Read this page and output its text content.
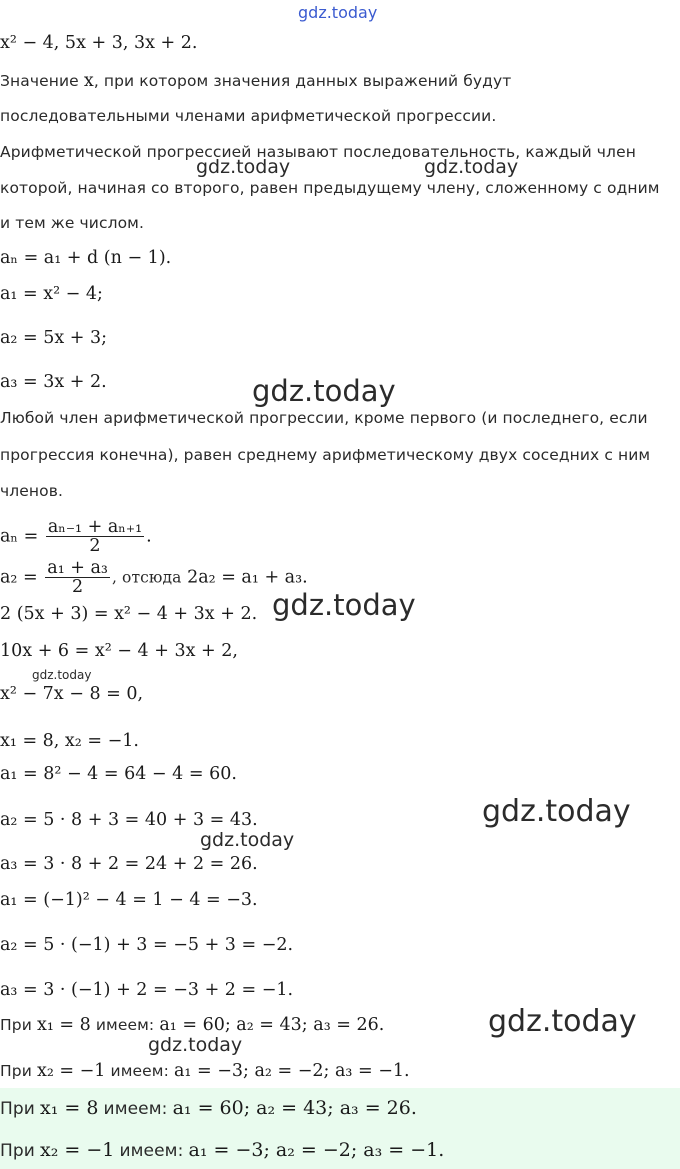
gdz.today
gdz.today	gdz.today
gdz.today
gdz.today
gdz.today
gdz.today
gdz.today
gdz.today
gdz.today
x² − 4, 5x + 3, 3x + 2.
Значение x, при котором значения данных выражений будут
последовательными членами арифметической прогрессии.
Арифметической прогрессией называют последовательность, каждый член
которой, начиная со второго, равен предыдущему члену, сложенному с одним
и тем же числом.
aₙ = a₁ + d (n − 1).
a₁ = x² − 4;
a₂ = 5x + 3;
a₃ = 3x + 2.
Любой член арифметической прогрессии, кроме первого (и последнего, если
прогрессия конечна), равен среднему арифметическому двух соседних с ним
членов.
$a_n = \frac{\text{aₙ₋₁ + aₙ₊₁}}{2}$ .
$a_2 = \frac{\text{a₁ + a₃}}{2}$ , отсюда 2a₂ = a₁ + a₃.
2 (5x + 3) = x² − 4 + 3x + 2.
10x + 6 = x² − 4 + 3x + 2,
x² − 7x − 8 = 0,
x₁ = 8, x₂ = −1.
a₁ = 8² − 4 = 64 − 4 = 60.
a₂ = 5 · 8 + 3 = 40 + 3 = 43.
a₃ = 3 · 8 + 2 = 24 + 2 = 26.
a₁ = (−1)² − 4 = 1 − 4 = −3.
a₂ = 5 · (−1) + 3 = −5 + 3 = −2.
a₃ = 3 · (−1) + 2 = −3 + 2 = −1.
При x₁ = 8 имеем: a₁ = 60; a₂ = 43; a₃ = 26.
При x₂ = −1 имеем: a₁ = −3; a₂ = −2; a₃ = −1.
При x₁ = 8 имеем: a₁ = 60; a₂ = 43; a₃ = 26.
При x₂ = −1 имеем: a₁ = −3; a₂ = −2; a₃ = −1.
